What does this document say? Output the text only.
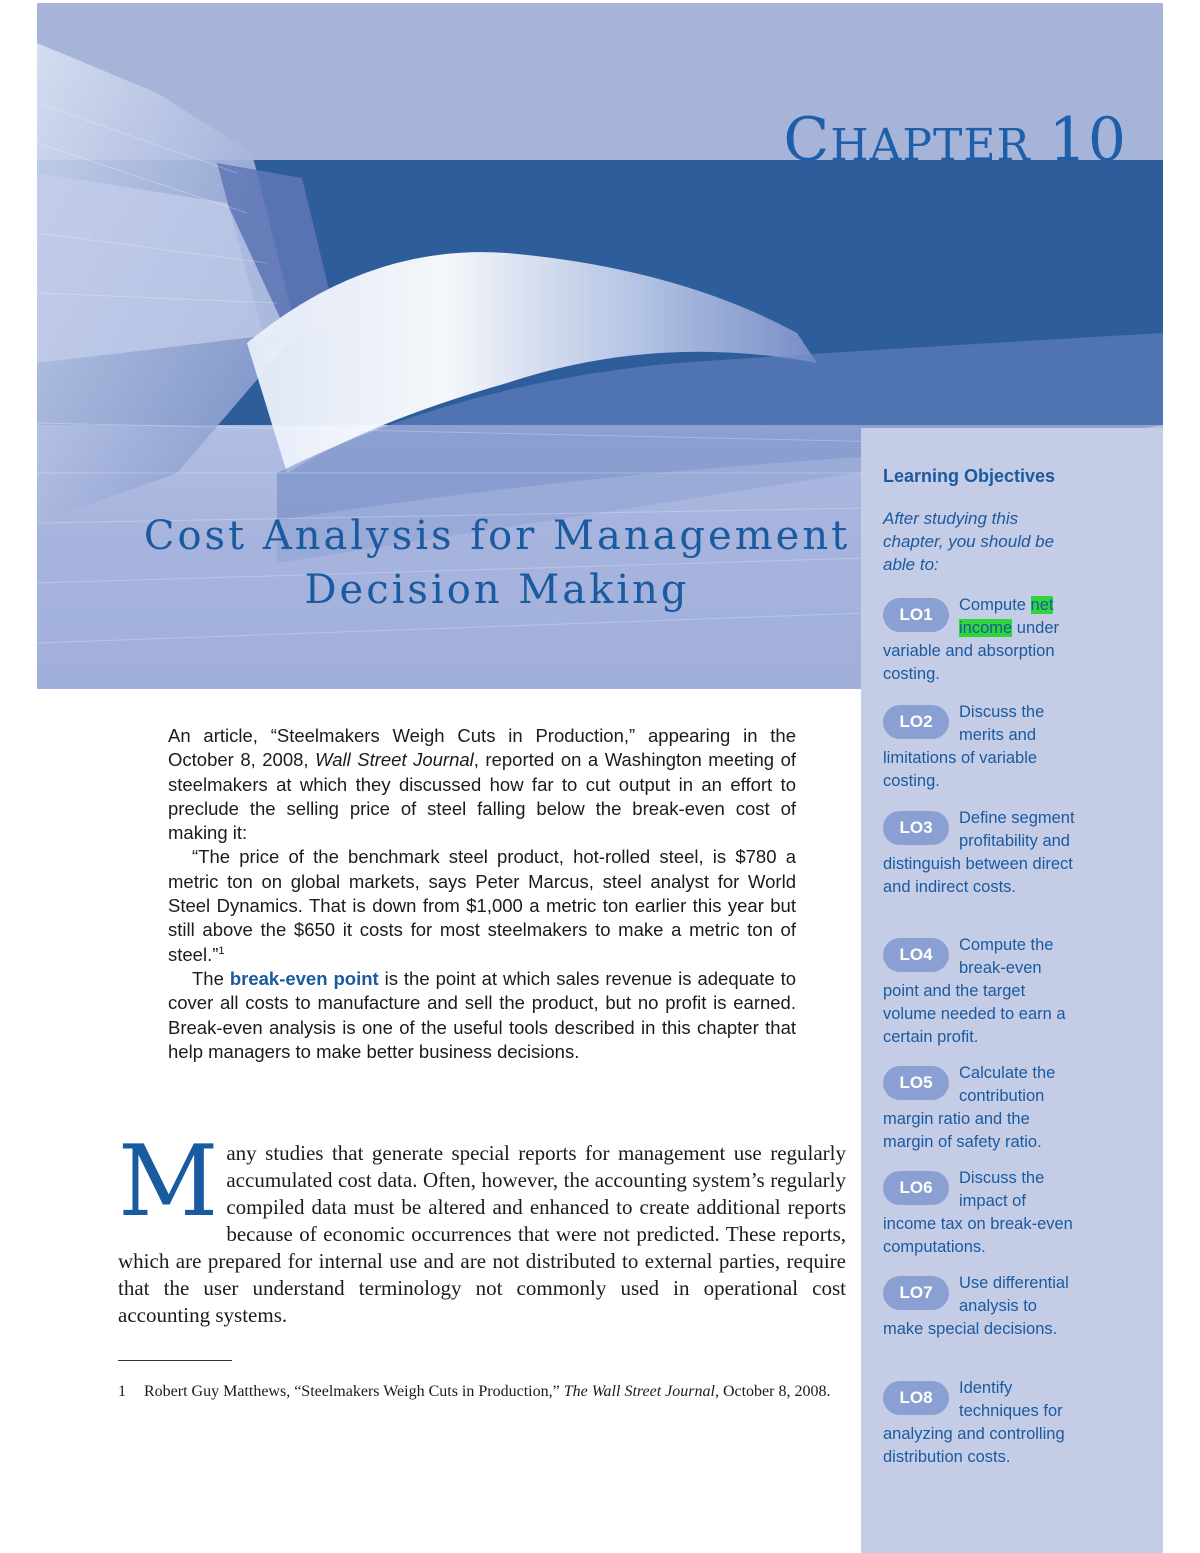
CHAPTER 10
Cost Analysis for Management
Decision Making
Learning Objectives
After studying this chapter, you should be able to:
LO1	Compute net income under variable and absorption costing.
LO2	Discuss the merits and limitations of variable costing.
LO3	Define segment profitability and distinguish between direct and indirect costs.
LO4	Compute the break-even point and the target volume needed to earn a certain profit.
LO5	Calculate the contribution margin ratio and the margin of safety ratio.
LO6	Discuss the impact of income tax on break-even computations.
LO7	Use differential analysis to make special decisions.
LO8	Identify techniques for analyzing and controlling distribution costs.

An article, “Steelmakers Weigh Cuts in Production,” appearing in the October 8, 2008, Wall Street Journal, reported on a Washington meeting of steelmakers at which they discussed how far to cut output in an effort to preclude the selling price of steel falling below the break-even cost of making it:

“The price of the benchmark steel product, hot-rolled steel, is $780 a metric ton on global markets, says Peter Marcus, steel analyst for World Steel Dynamics. That is down from $1,000 a metric ton earlier this year but still above the $650 it costs for most steelmakers to make a metric ton of steel.”$^1$

The break-even point is the point at which sales revenue is adequate to cover all costs to manufacture and sell the product, but no profit is earned. Break-even analysis is one of the useful tools described in this chapter that help managers to make better business decisions.

Many studies that generate special reports for management use regularly accumulated cost data. Often, however, the accounting system’s regularly compiled data must be altered and enhanced to create additional reports because of economic occurrences that were not predicted. These reports, which are prepared for internal use and are not distributed to external parties, require that the user understand terminology not commonly used in operational cost accounting systems.
1 Robert Guy Matthews, “Steelmakers Weigh Cuts in Production,” The Wall Street Journal, October 8, 2008.
